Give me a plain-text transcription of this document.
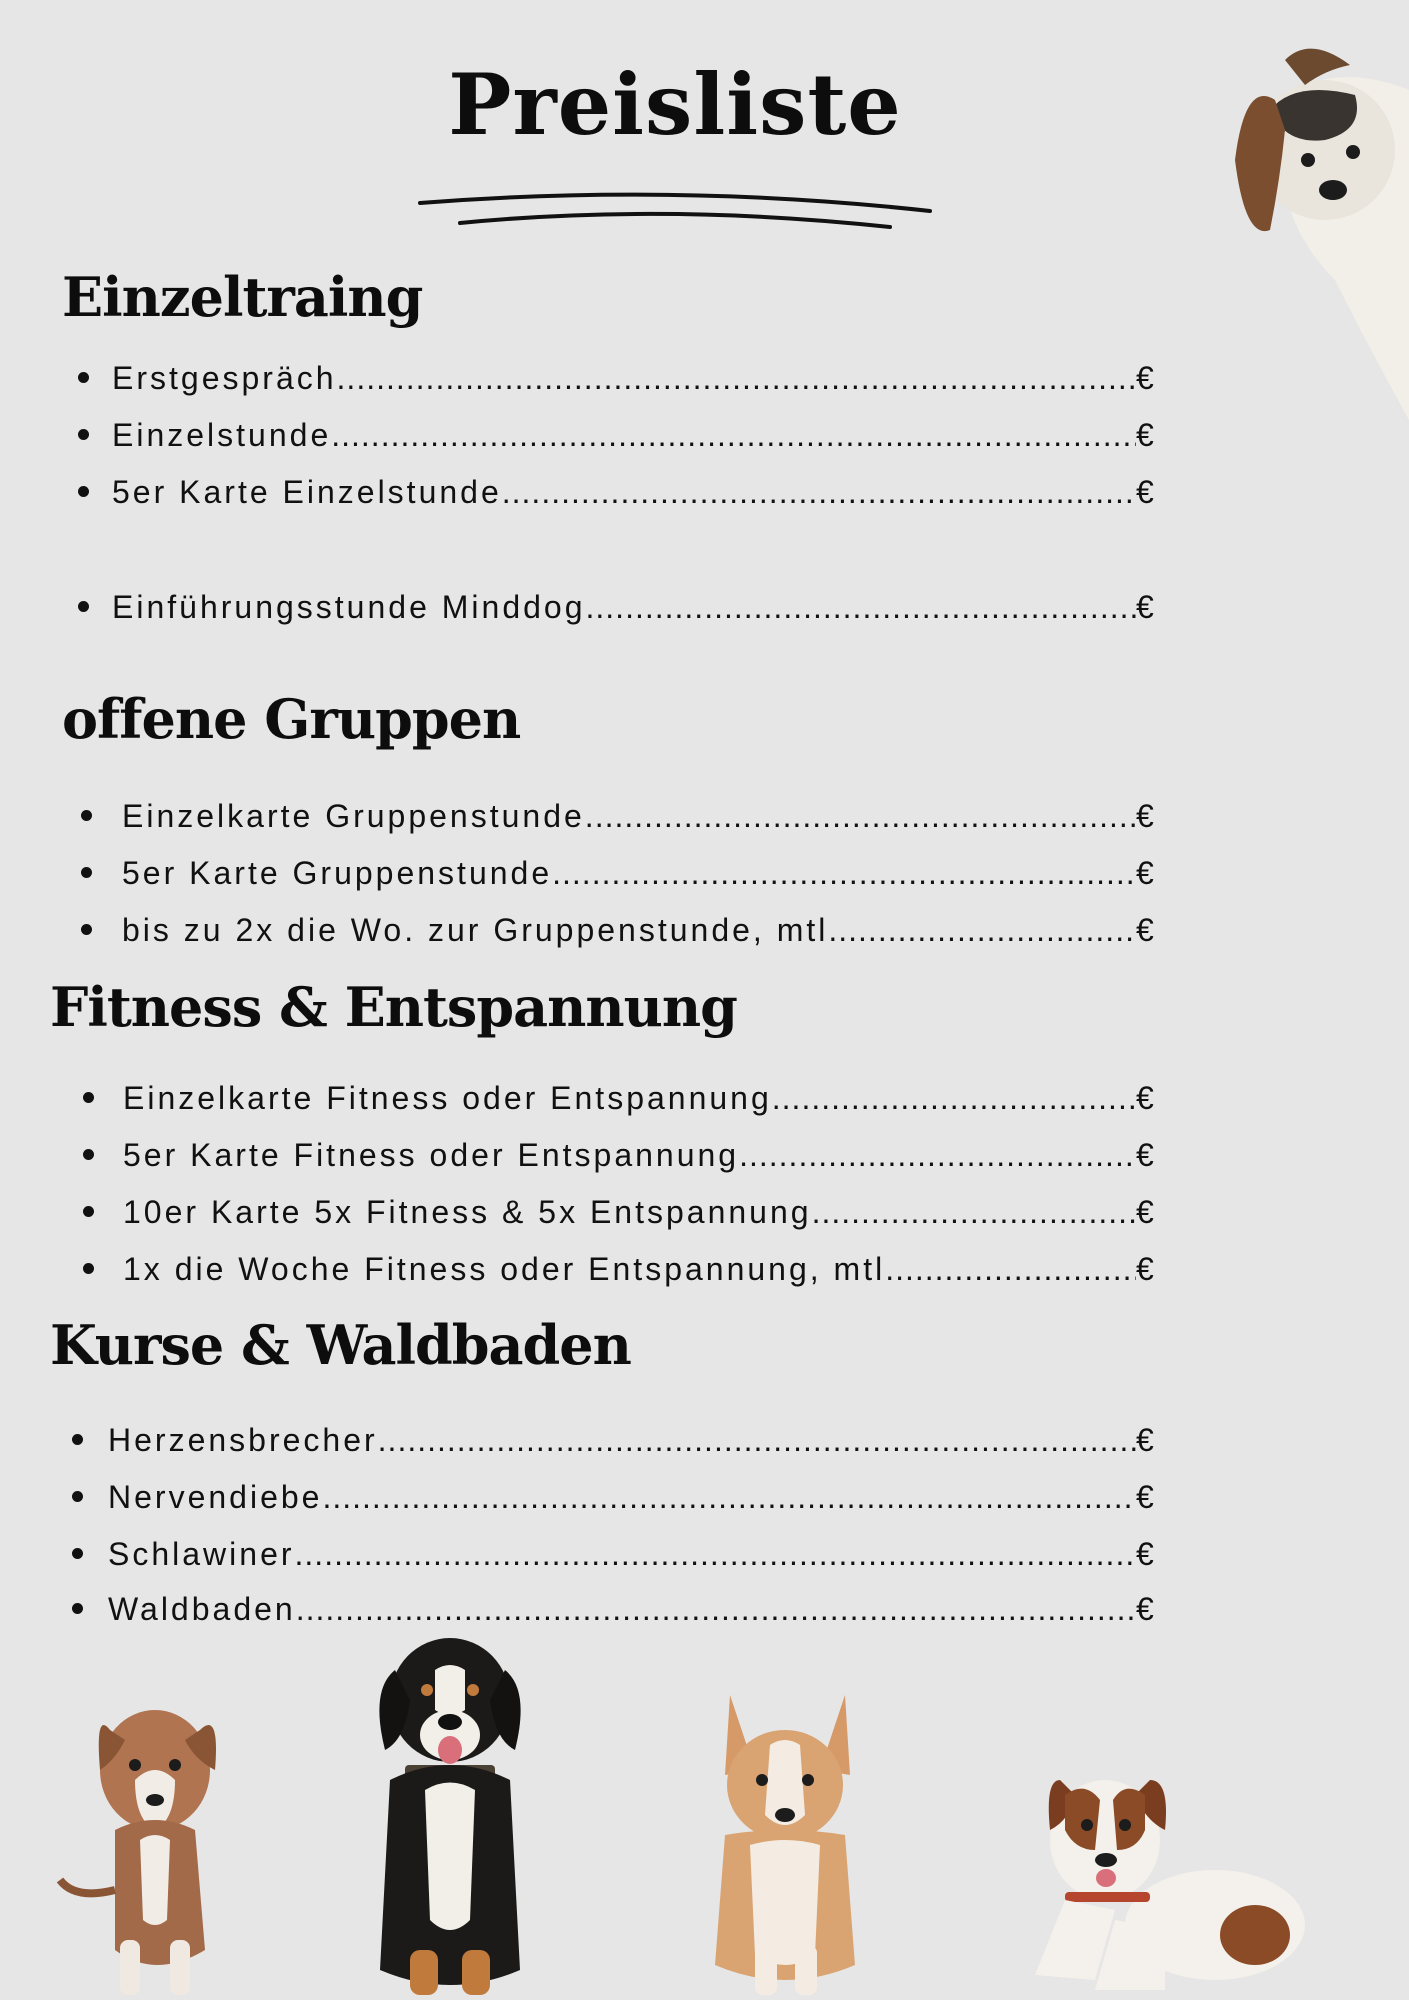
Preisliste
Einzeltraing
Erstgespräch .....	€
Einzelstunde .....	€
5er Karte Einzelstunde .....	€
Einführungsstunde Minddog .....	€
offene Gruppen
Einzelkarte Gruppenstunde .....	€
5er Karte Gruppenstunde .....	€
bis zu 2x die Wo. zur Gruppenstunde, mtl .....	€
Fitness & Entspannung
Einzelkarte Fitness oder Entspannung .....	€
5er Karte Fitness oder Entspannung .....	€
10er Karte 5x Fitness & 5x Entspannung .....	€
1x die Woche Fitness oder Entspannung, mtl .....	€
Kurse & Waldbaden
Herzensbrecher .....	€
Nervendiebe .....	€
Schlawiner .....	€
Waldbaden .....	€
